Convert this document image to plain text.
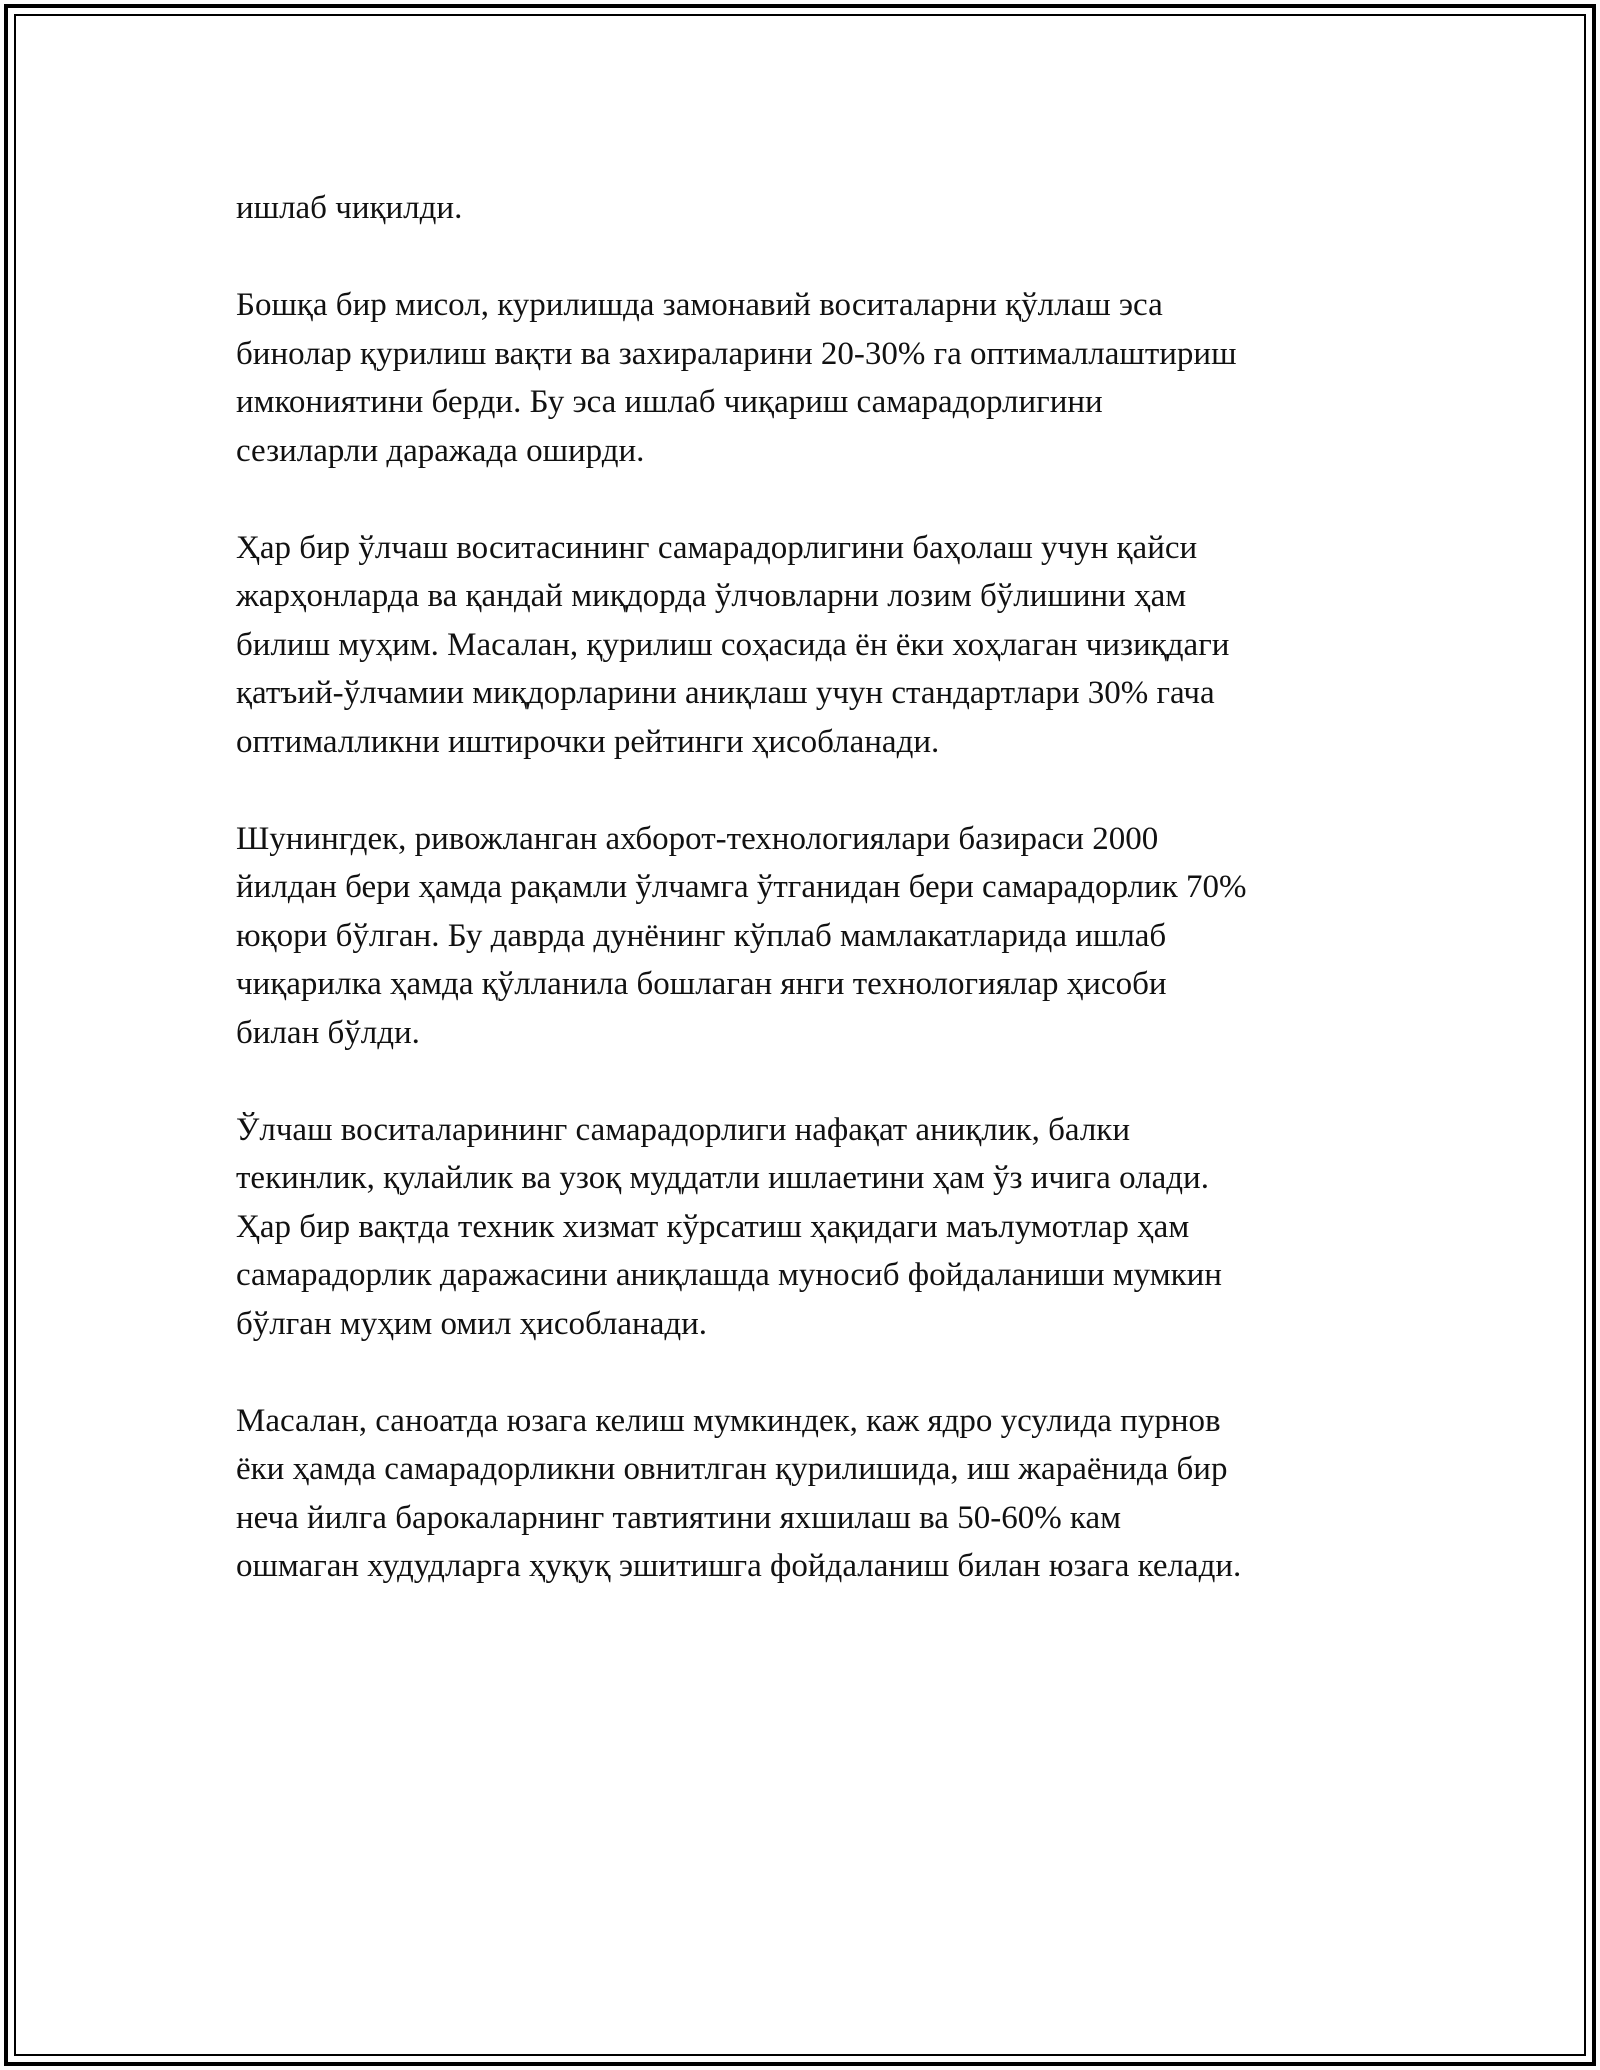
ишлаб чиқилди.

Бошқа бир мисол, курилишда замонавий воситаларни қўллаш эса
бинолар қурилиш вақти ва захираларини 20-30% га оптималлаштириш
имкониятини берди. Бу эса ишлаб чиқариш самарадорлигини
сезиларли даражада оширди.

Ҳар бир ўлчаш воситасининг самарадорлигини баҳолаш учун қайси
жарҳонларда ва қандай миқдорда ўлчовларни лозим бўлишини ҳам
билиш муҳим. Масалан, қурилиш соҳасида ён ёки хоҳлаган чизиқдаги
қатъий-ўлчамии миқдорларини аниқлаш учун стандартлари 30% гача
оптималликни иштирочки рейтинги ҳисобланади.

Шунингдек, ривожланган ахборот-технологиялари базираси 2000
йилдан бери ҳамда рақамли ўлчамга ўтганидан бери самарадорлик 70%
юқори бўлган. Бу даврда дунёнинг кўплаб мамлакатларида ишлаб
чиқарилка ҳамда қўлланила бошлаган янги технологиялар ҳисоби
билан бўлди.

Ўлчаш воситаларининг самарадорлиги нафақат аниқлик, балки
текинлик, қулайлик ва узоқ муддатли ишлаетини ҳам ўз ичига олади.
Ҳар бир вақтда техник хизмат кўрсатиш ҳақидаги маълумотлар ҳам
самарадорлик даражасини аниқлашда муносиб фойдаланиши мумкин
бўлган муҳим омил ҳисобланади.

Масалан, саноатда юзага келиш мумкиндек, каж ядро усулида пурнов
ёки ҳамда самарадорликни овнитлган қурилишида, иш жараёнида бир
неча йилга барокаларнинг тавтиятини яхшилаш ва 50-60% кам
ошмаган худудларга ҳуқуқ эшитишга фойдаланиш билан юзага келади.
